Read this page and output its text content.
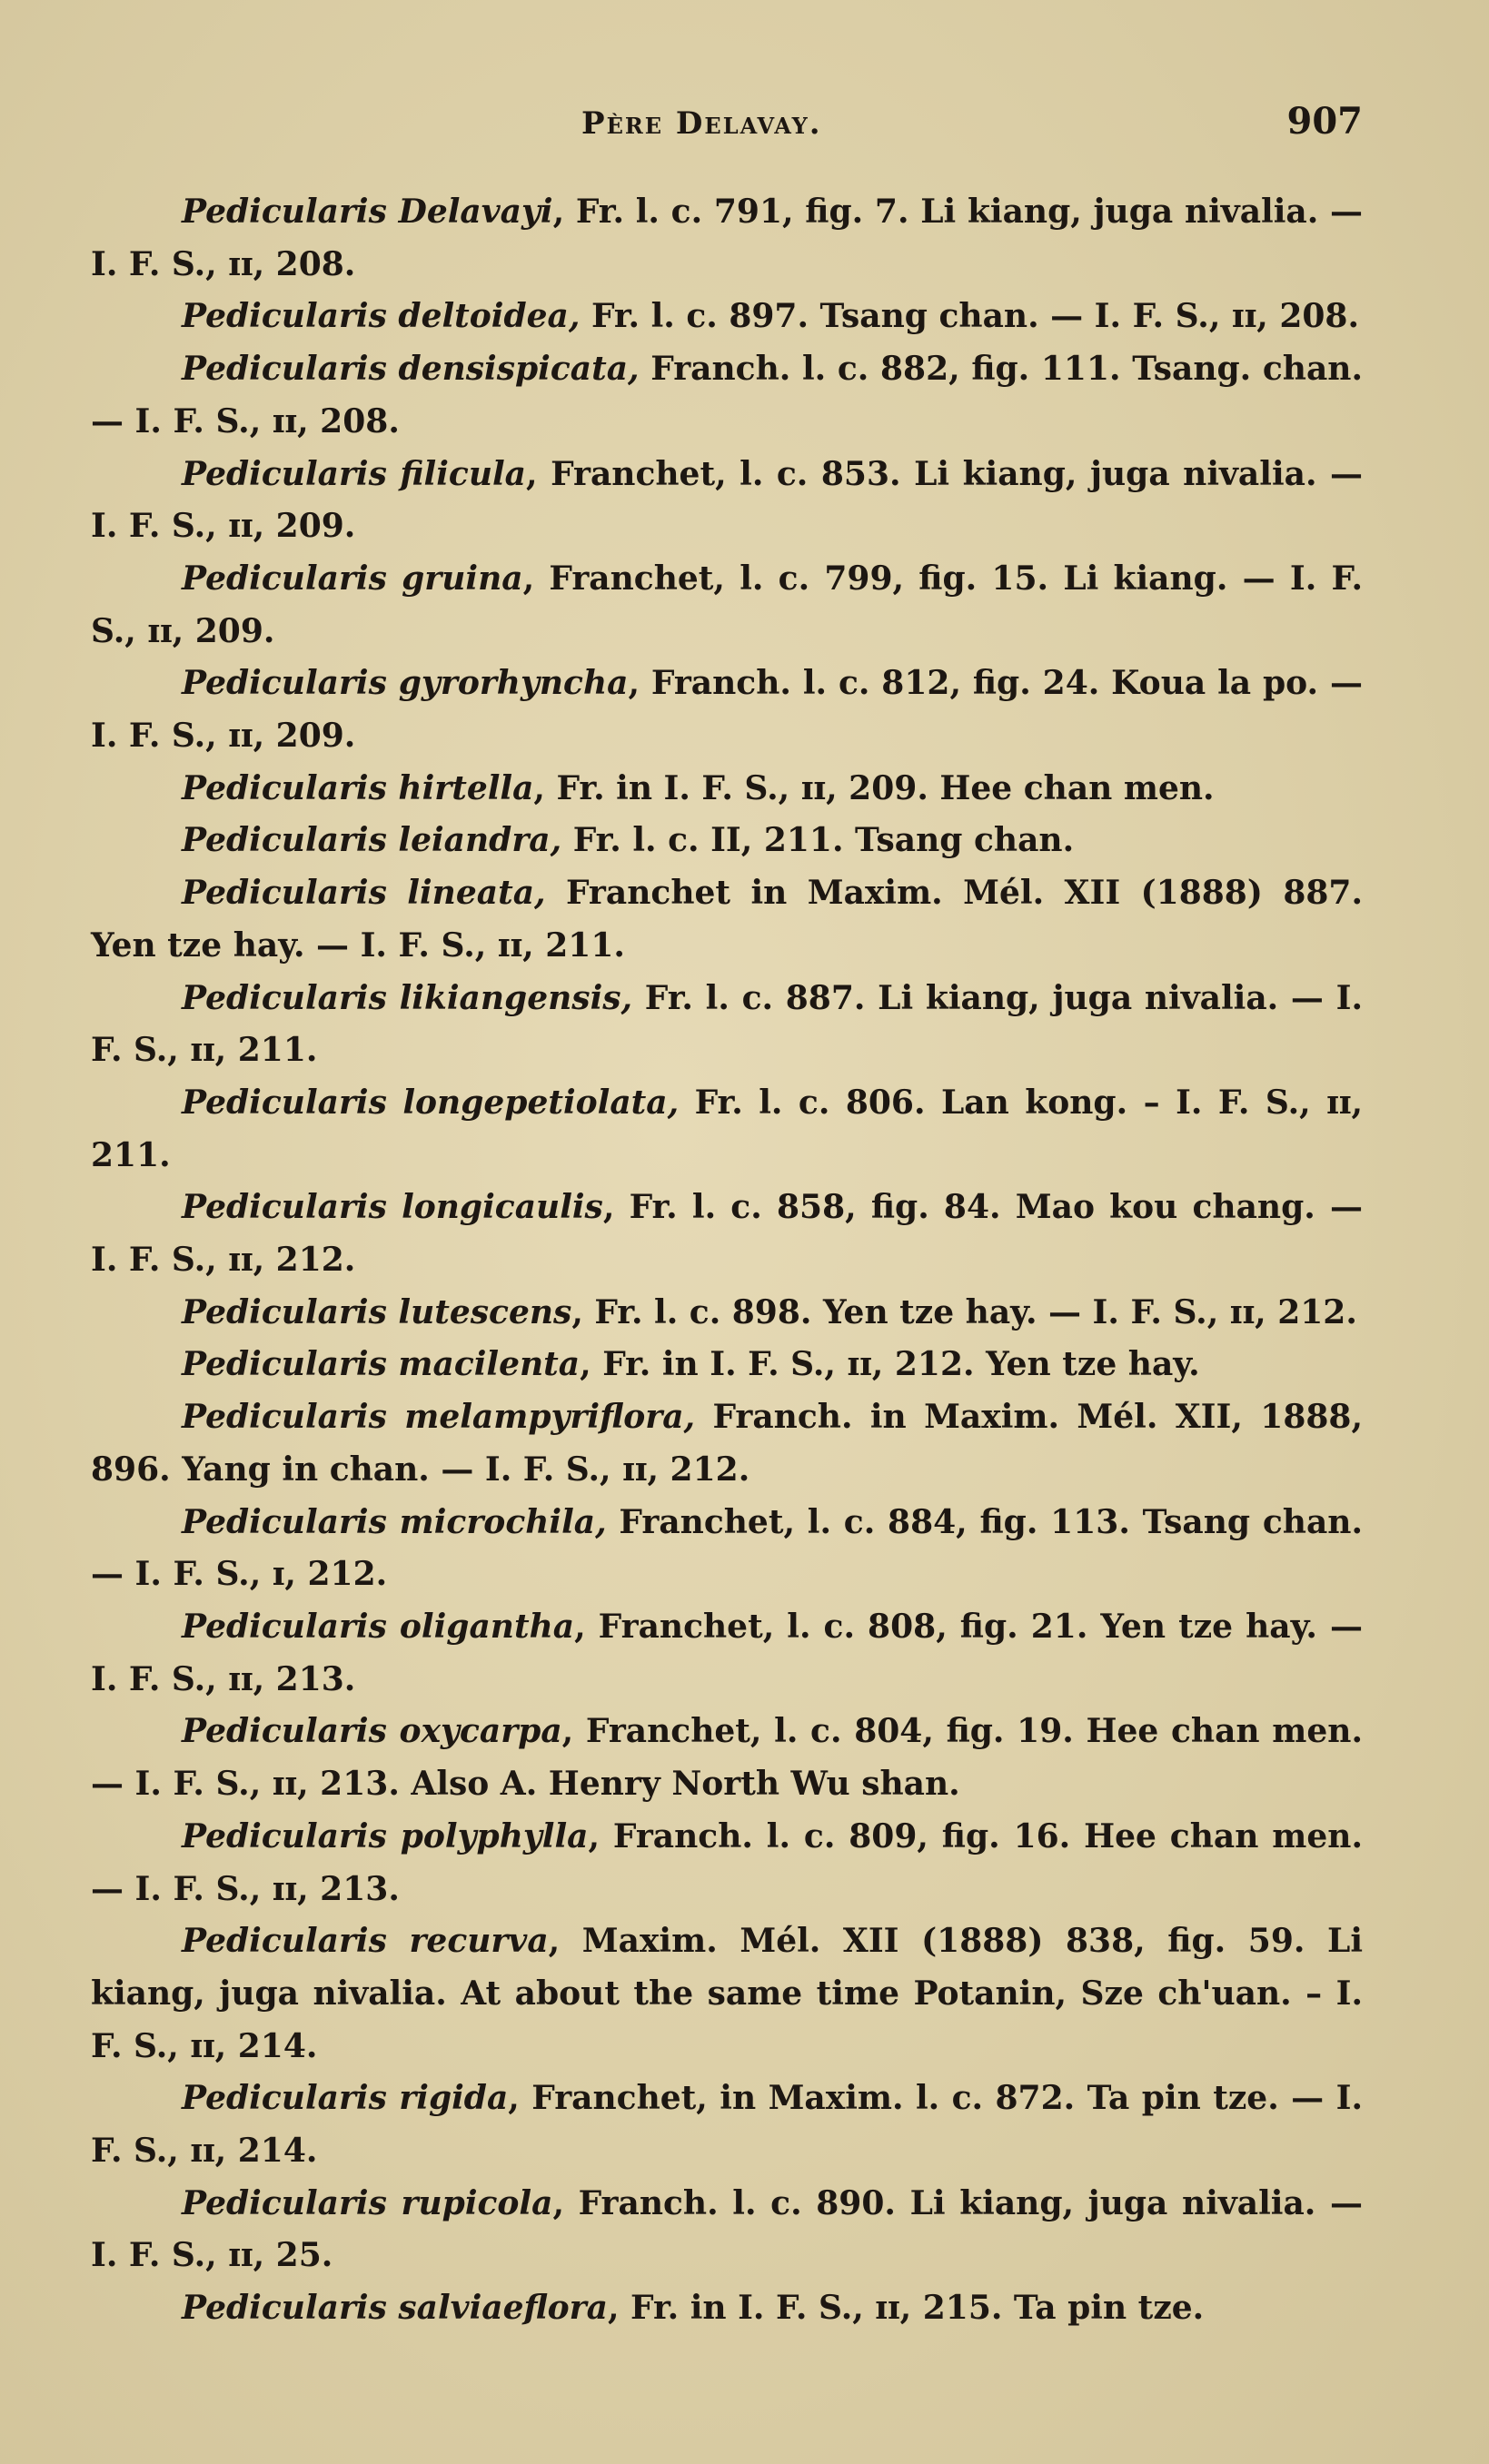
Père Delavay.	907

Pedicularis Delavayi, Fr. l. c. 791, fig. 7. Li kiang, juga nivalia. — I. F. S., ɪɪ, 208.

Pedicularis deltoidea, Fr. l. c. 897. Tsang chan. — I. F. S., ɪɪ, 208.

Pedicularis densispicata, Franch. l. c. 882, fig. 111. Tsang. chan. — I. F. S., ɪɪ, 208.

Pedicularis filicula, Franchet, l. c. 853. Li kiang, juga nivalia. — I. F. S., ɪɪ, 209.

Pedicularis gruina, Franchet, l. c. 799, fig. 15. Li kiang. — I. F. S., ɪɪ, 209.

Pedicularis gyrorhyncha, Franch. l. c. 812, fig. 24. Koua la po. — I. F. S., ɪɪ, 209.

Pedicularis hirtella, Fr. in I. F. S., ɪɪ, 209. Hee chan men.

Pedicularis leiandra, Fr. l. c. II, 211. Tsang chan.

Pedicularis lineata, Franchet in Maxim. Mél. XII (1888) 887. Yen tze hay. — I. F. S., ɪɪ, 211.

Pedicularis likiangensis, Fr. l. c. 887. Li kiang, juga nivalia. — I. F. S., ɪɪ, 211.

Pedicularis longepetiolata, Fr. l. c. 806. Lan kong. – I. F. S., ɪɪ, 211.

Pedicularis longicaulis, Fr. l. c. 858, fig. 84. Mao kou chang. — I. F. S., ɪɪ, 212.

Pedicularis lutescens, Fr. l. c. 898. Yen tze hay. — I. F. S., ɪɪ, 212.

Pedicularis macilenta, Fr. in I. F. S., ɪɪ, 212. Yen tze hay.

Pedicularis melampyriflora, Franch. in Maxim. Mél. XII, 1888, 896. Yang in chan. — I. F. S., ɪɪ, 212.

Pedicularis microchila, Franchet, l. c. 884, fig. 113. Tsang chan. — I. F. S., ɪ, 212.

Pedicularis oligantha, Franchet, l. c. 808, fig. 21. Yen tze hay. — I. F. S., ɪɪ, 213.

Pedicularis oxycarpa, Franchet, l. c. 804, fig. 19. Hee chan men. — I. F. S., ɪɪ, 213. Also A. Henry North Wu shan.

Pedicularis polyphylla, Franch. l. c. 809, fig. 16. Hee chan men. — I. F. S., ɪɪ, 213.

Pedicularis recurva, Maxim. Mél. XII (1888) 838, fig. 59. Li kiang, juga nivalia. At about the same time Potanin, Sze ch'uan. – I. F. S., ɪɪ, 214.

Pedicularis rigida, Franchet, in Maxim. l. c. 872. Ta pin tze. — I. F. S., ɪɪ, 214.

Pedicularis rupicola, Franch. l. c. 890. Li kiang, juga nivalia. — I. F. S., ɪɪ, 25.

Pedicularis salviaeflora, Fr. in I. F. S., ɪɪ, 215. Ta pin tze.
